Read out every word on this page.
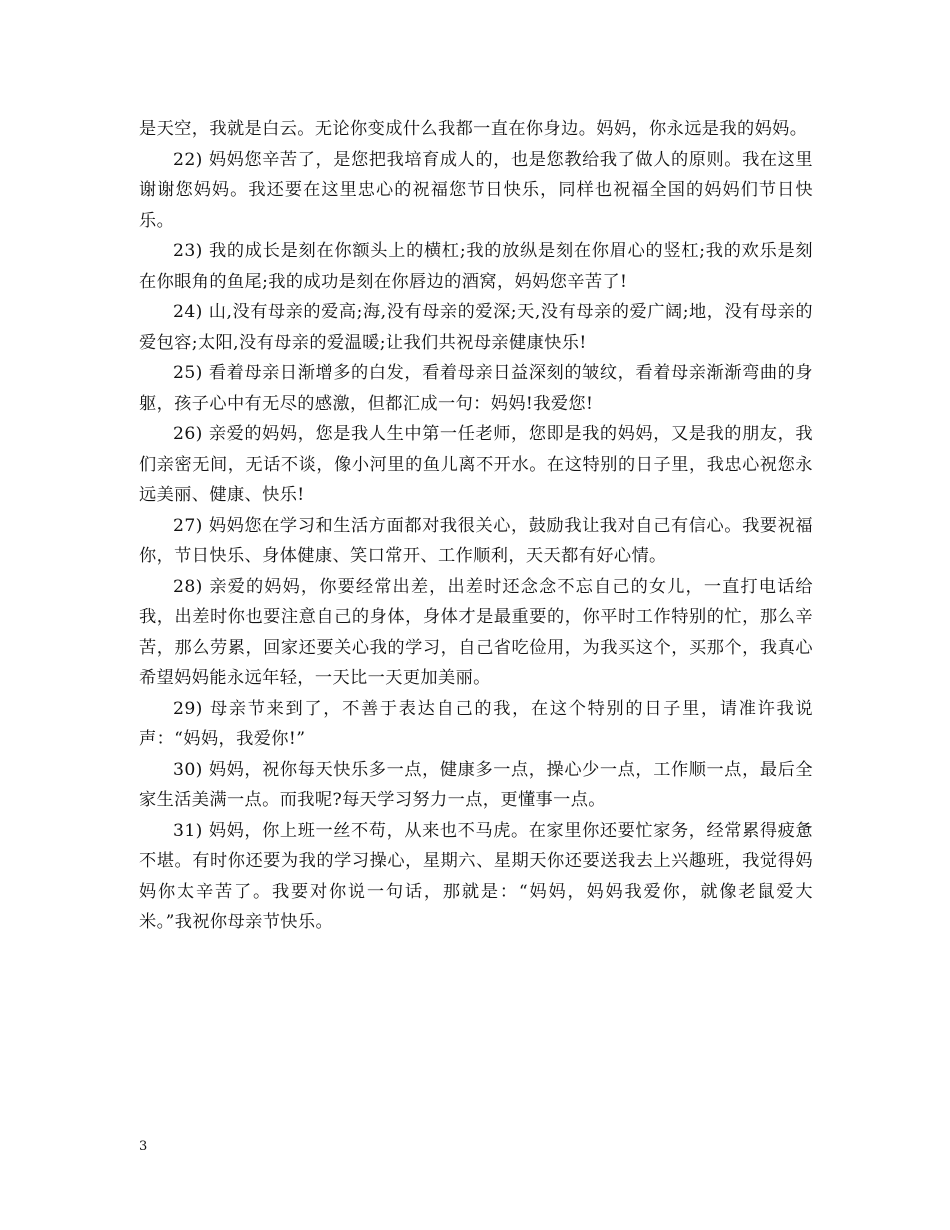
是天空，我就是白云。无论你变成什么我都一直在你身边。妈妈，你永远是我的妈妈。

22) 妈妈您辛苦了，是您把我培育成人的，也是您教给我了做人的原则。我在这里谢谢您妈妈。我还要在这里忠心的祝福您节日快乐，同样也祝福全国的妈妈们节日快乐。

23) 我的成长是刻在你额头上的横杠;我的放纵是刻在你眉心的竖杠;我的欢乐是刻在你眼角的鱼尾;我的成功是刻在你唇边的酒窝，妈妈您辛苦了!

24) 山,没有母亲的爱高;海,没有母亲的爱深;天,没有母亲的爱广阔;地，没有母亲的爱包容;太阳,没有母亲的爱温暖;让我们共祝母亲健康快乐!

25) 看着母亲日渐增多的白发，看着母亲日益深刻的皱纹，看着母亲渐渐弯曲的身躯，孩子心中有无尽的感激，但都汇成一句：妈妈!我爱您!

26) 亲爱的妈妈，您是我人生中第一任老师，您即是我的妈妈，又是我的朋友，我们亲密无间，无话不谈，像小河里的鱼儿离不开水。在这特别的日子里，我忠心祝您永远美丽、健康、快乐!

27) 妈妈您在学习和生活方面都对我很关心，鼓励我让我对自己有信心。我要祝福你，节日快乐、身体健康、笑口常开、工作顺利，天天都有好心情。

28) 亲爱的妈妈，你要经常出差，出差时还念念不忘自己的女儿，一直打电话给我，出差时你也要注意自己的身体，身体才是最重要的，你平时工作特别的忙，那么辛苦，那么劳累，回家还要关心我的学习，自己省吃俭用，为我买这个，买那个，我真心希望妈妈能永远年轻，一天比一天更加美丽。

29) 母亲节来到了，不善于表达自己的我，在这个特别的日子里，请准许我说声：“妈妈，我爱你!”

30) 妈妈，祝你每天快乐多一点，健康多一点，操心少一点，工作顺一点，最后全家生活美满一点。而我呢?每天学习努力一点，更懂事一点。

31) 妈妈，你上班一丝不苟，从来也不马虎。在家里你还要忙家务，经常累得疲惫不堪。有时你还要为我的学习操心，星期六、星期天你还要送我去上兴趣班，我觉得妈妈你太辛苦了。我要对你说一句话，那就是：“妈妈，妈妈我爱你，就像老鼠爱大米。”我祝你母亲节快乐。

3
